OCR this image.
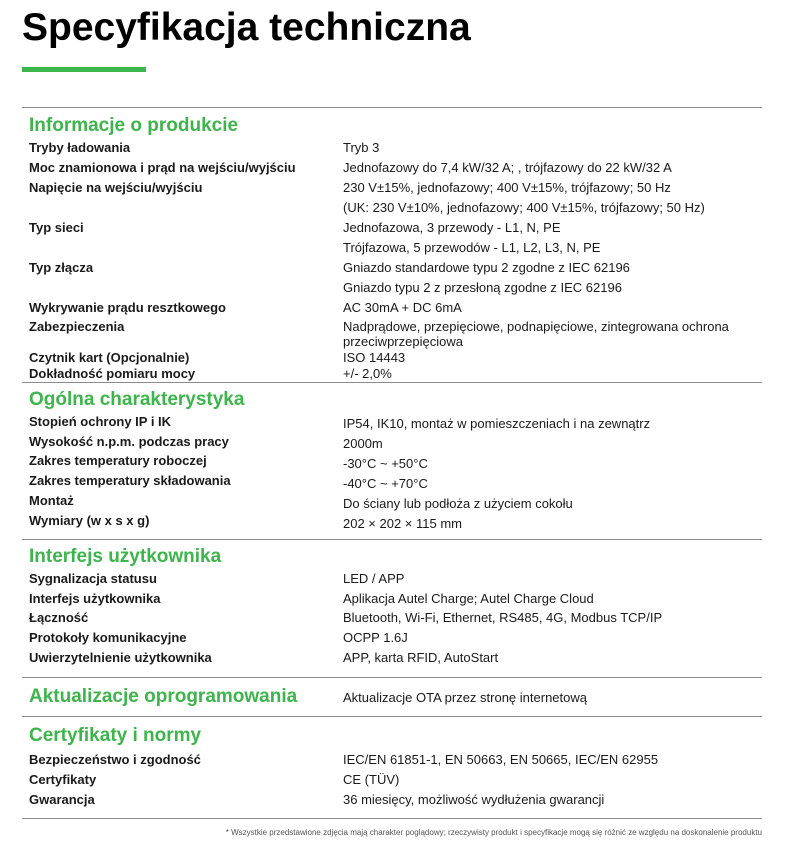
Specyfikacja techniczna
Informacje o produkcie
Tryby ładowania	Tryb 3
Moc znamionowa i prąd na wejściu/wyjściu	Jednofazowy do 7,4 kW/32 A; , trójfazowy do 22 kW/32 A
Napięcie na wejściu/wyjściu	230 V±15%, jednofazowy; 400 V±15%, trójfazowy; 50 Hz
(UK: 230 V±10%, jednofazowy; 400 V±15%, trójfazowy; 50 Hz)
Typ sieci	Jednofazowa, 3 przewody - L1, N, PE
Trójfazowa, 5 przewodów - L1, L2, L3, N, PE
Typ złącza	Gniazdo standardowe typu 2 zgodne z IEC 62196
Gniazdo typu 2 z przesłoną zgodne z IEC 62196
Wykrywanie prądu resztkowego	AC 30mA + DC 6mA
Zabezpieczenia	Nadprądowe, przepięciowe, podnapięciowe, zintegrowana ochrona przeciwprzepięciowa
Czytnik kart (Opcjonalnie)	ISO 14443
Dokładność pomiaru mocy	+/- 2,0%
Ogólna charakterystyka
Stopień ochrony IP i IK	IP54, IK10, montaż w pomieszczeniach i na zewnątrz
Wysokość n.p.m. podczas pracy	2000m
Zakres temperatury roboczej	-30°C ~ +50°C
Zakres temperatury składowania	-40°C ~ +70°C
Montaż	Do ściany lub podłoża z użyciem cokołu
Wymiary (w x s x g)	202 × 202 × 115 mm
Interfejs użytkownika
Sygnalizacja statusu	LED / APP
Interfejs użytkownika	Aplikacja Autel Charge; Autel Charge Cloud
Łączność	Bluetooth, Wi-Fi, Ethernet, RS485, 4G, Modbus TCP/IP
Protokoły komunikacyjne	OCPP 1.6J
Uwierzytelnienie użytkownika	APP, karta RFID, AutoStart
Aktualizacje oprogramowania	Aktualizacje OTA przez stronę internetową
Certyfikaty i normy
Bezpieczeństwo i zgodność	IEC/EN 61851-1, EN 50663, EN 50665, IEC/EN 62955
Certyfikaty	CE (TÜV)
Gwarancja	36 miesięcy, możliwość wydłużenia gwarancji
* Wszystkie przedstawione zdjęcia mają charakter poglądowy; rzeczywisty produkt i specyfikacje mogą się różnić ze względu na doskonalenie produktu
